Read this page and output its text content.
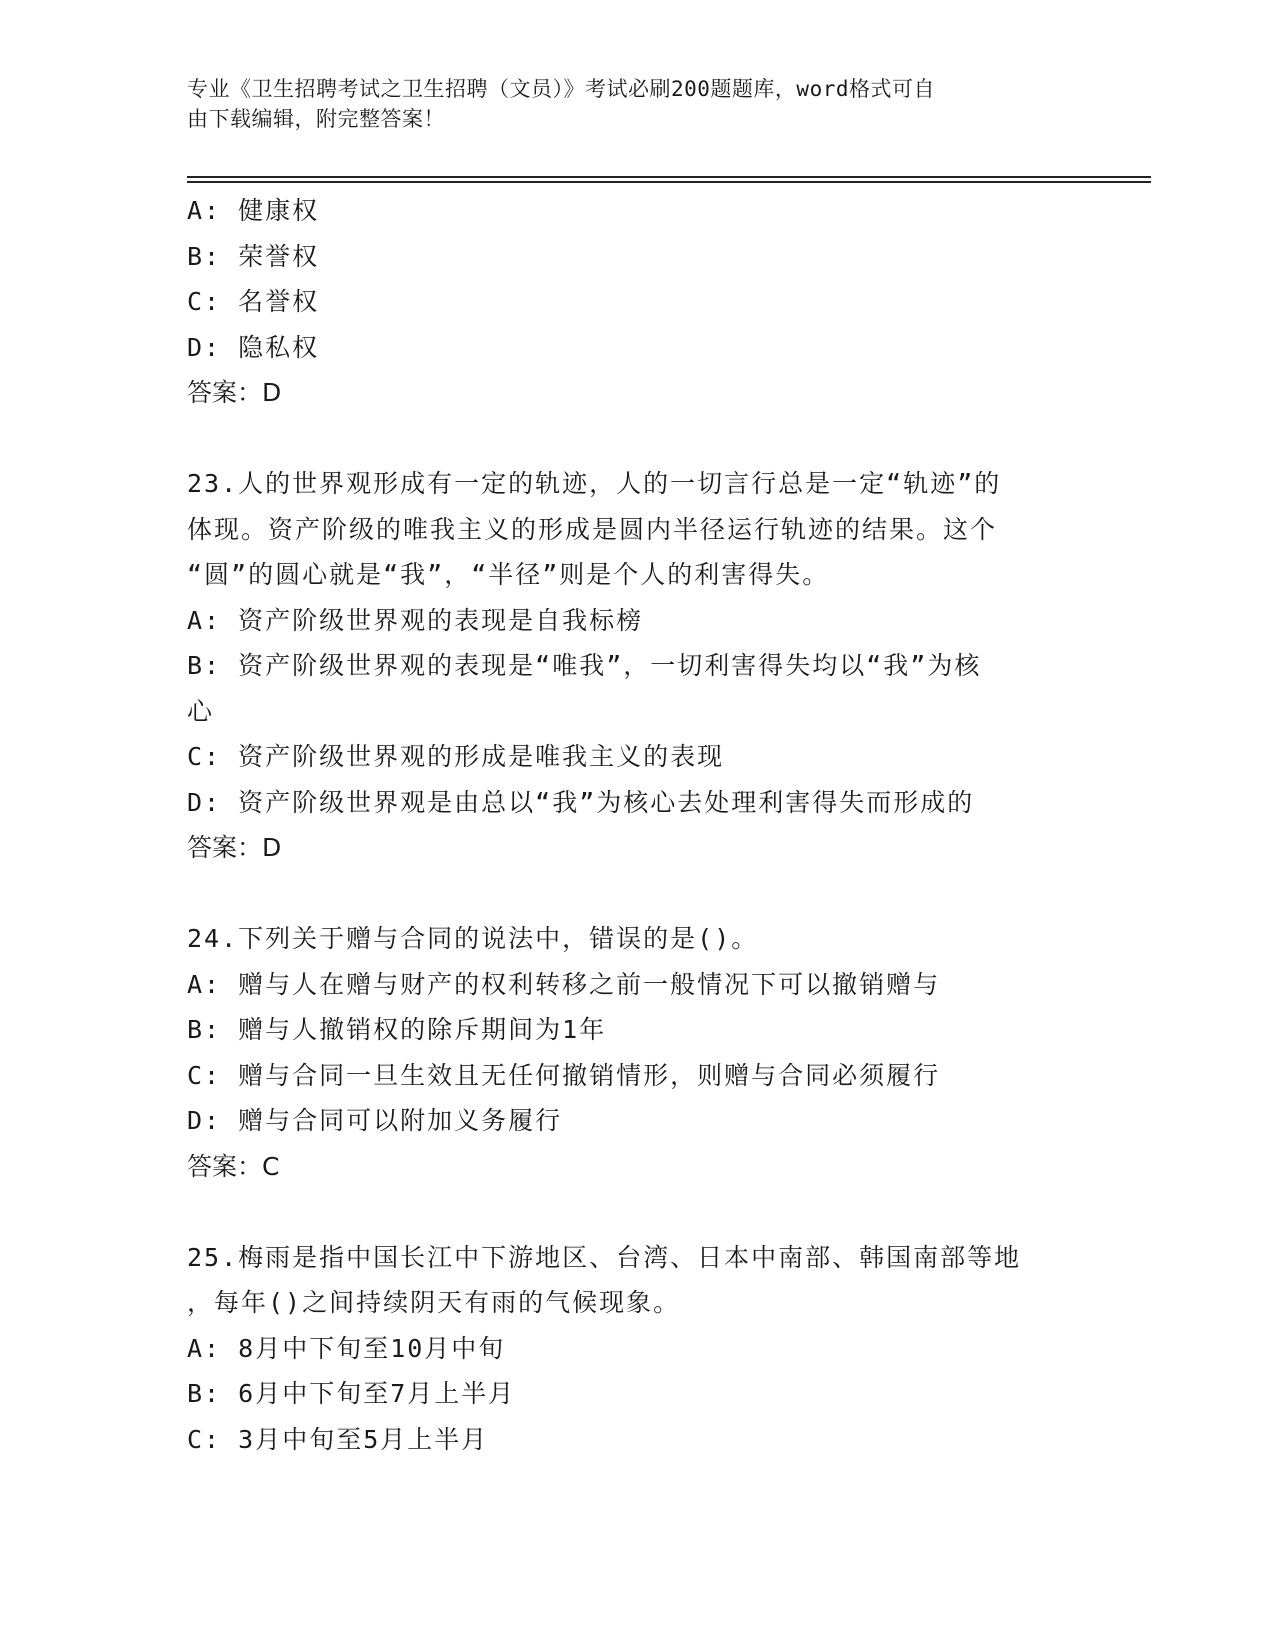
专业《卫生招聘考试之卫生招聘（文员）》考试必刷200题题库，word格式可自
由下载编辑，附完整答案！
A: 健康权
B: 荣誉权
C: 名誉权
D: 隐私权
答案：D
23.人的世界观形成有一定的轨迹，人的一切言行总是一定“轨迹”的
体现。资产阶级的唯我主义的形成是圆内半径运行轨迹的结果。这个
“圆”的圆心就是“我”，“半径”则是个人的利害得失。
A: 资产阶级世界观的表现是自我标榜
B: 资产阶级世界观的表现是“唯我”，一切利害得失均以“我”为核
心
C: 资产阶级世界观的形成是唯我主义的表现
D: 资产阶级世界观是由总以“我”为核心去处理利害得失而形成的
答案：D
24.下列关于赠与合同的说法中，错误的是()。
A: 赠与人在赠与财产的权利转移之前一般情况下可以撤销赠与
B: 赠与人撤销权的除斥期间为1年
C: 赠与合同一旦生效且无任何撤销情形，则赠与合同必须履行
D: 赠与合同可以附加义务履行
答案：C
25.梅雨是指中国长江中下游地区、台湾、日本中南部、韩国南部等地
，每年()之间持续阴天有雨的气候现象。
A: 8月中下旬至10月中旬
B: 6月中下旬至7月上半月
C: 3月中旬至5月上半月
